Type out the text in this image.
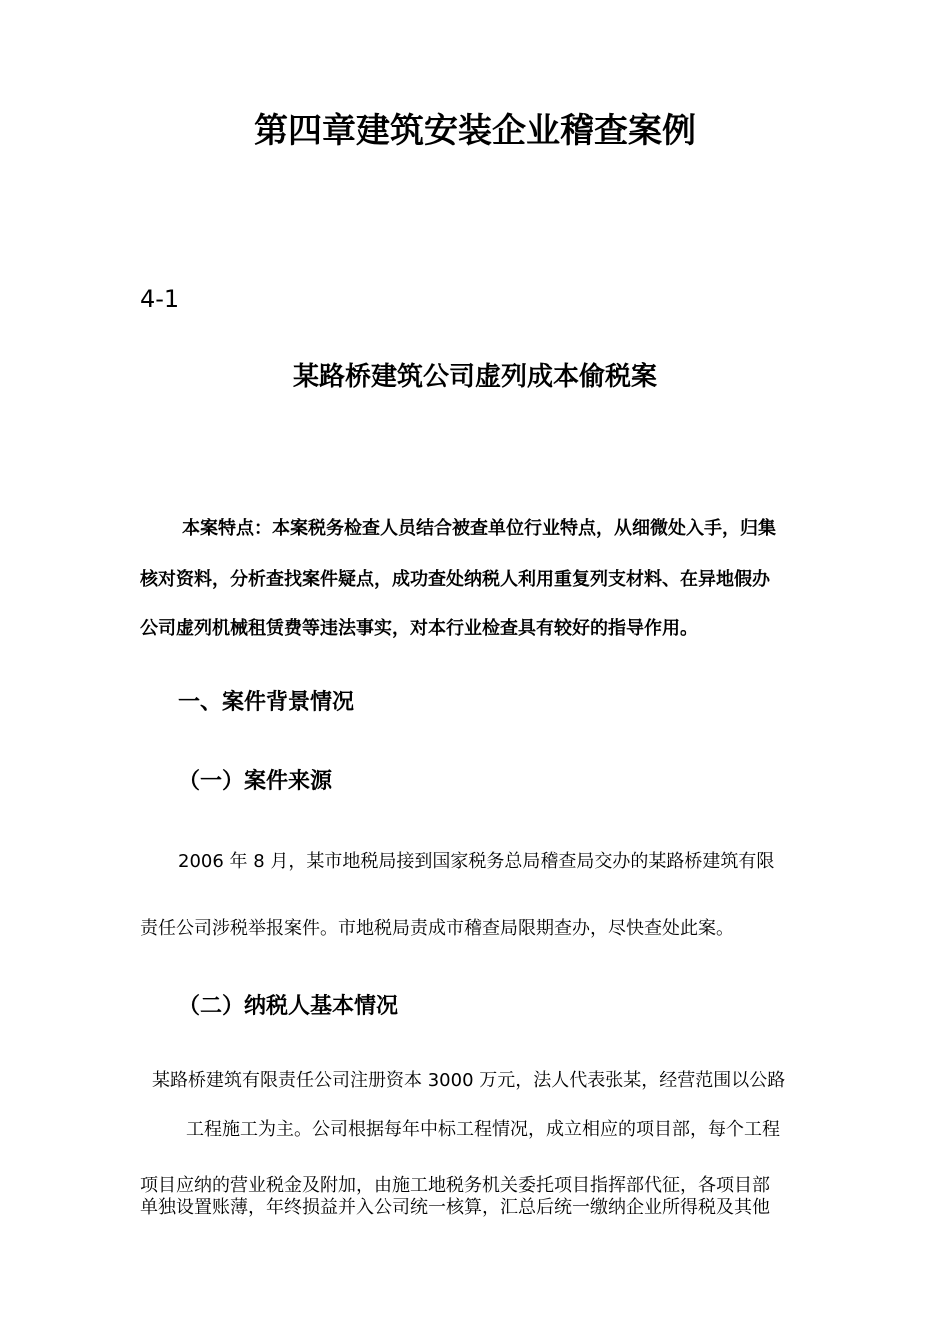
第四章建筑安装企业稽查案例
4-1
某路桥建筑公司虚列成本偷税案

本案特点：本案税务检查人员结合被查单位行业特点，从细微处入手，归集

核对资料，分析查找案件疑点，成功查处纳税人利用重复列支材料、在异地假办

公司虚列机械租赁费等违法事实，对本行业检查具有较好的指导作用。

一、案件背景情况
（一）案件来源

2006 年 8 月，某市地税局接到国家税务总局稽查局交办的某路桥建筑有限

责任公司涉税举报案件。市地税局责成市稽查局限期查办，尽快查处此案。

（二）纳税人基本情况

某路桥建筑有限责任公司注册资本 3000 万元，法人代表张某，经营范围以公路

工程施工为主。公司根据每年中标工程情况，成立相应的项目部，每个工程

项目应纳的营业税金及附加，由施工地税务机关委托项目指挥部代征，各项目部

单独设置账薄，年终损益并入公司统一核算，汇总后统一缴纳企业所得税及其他
